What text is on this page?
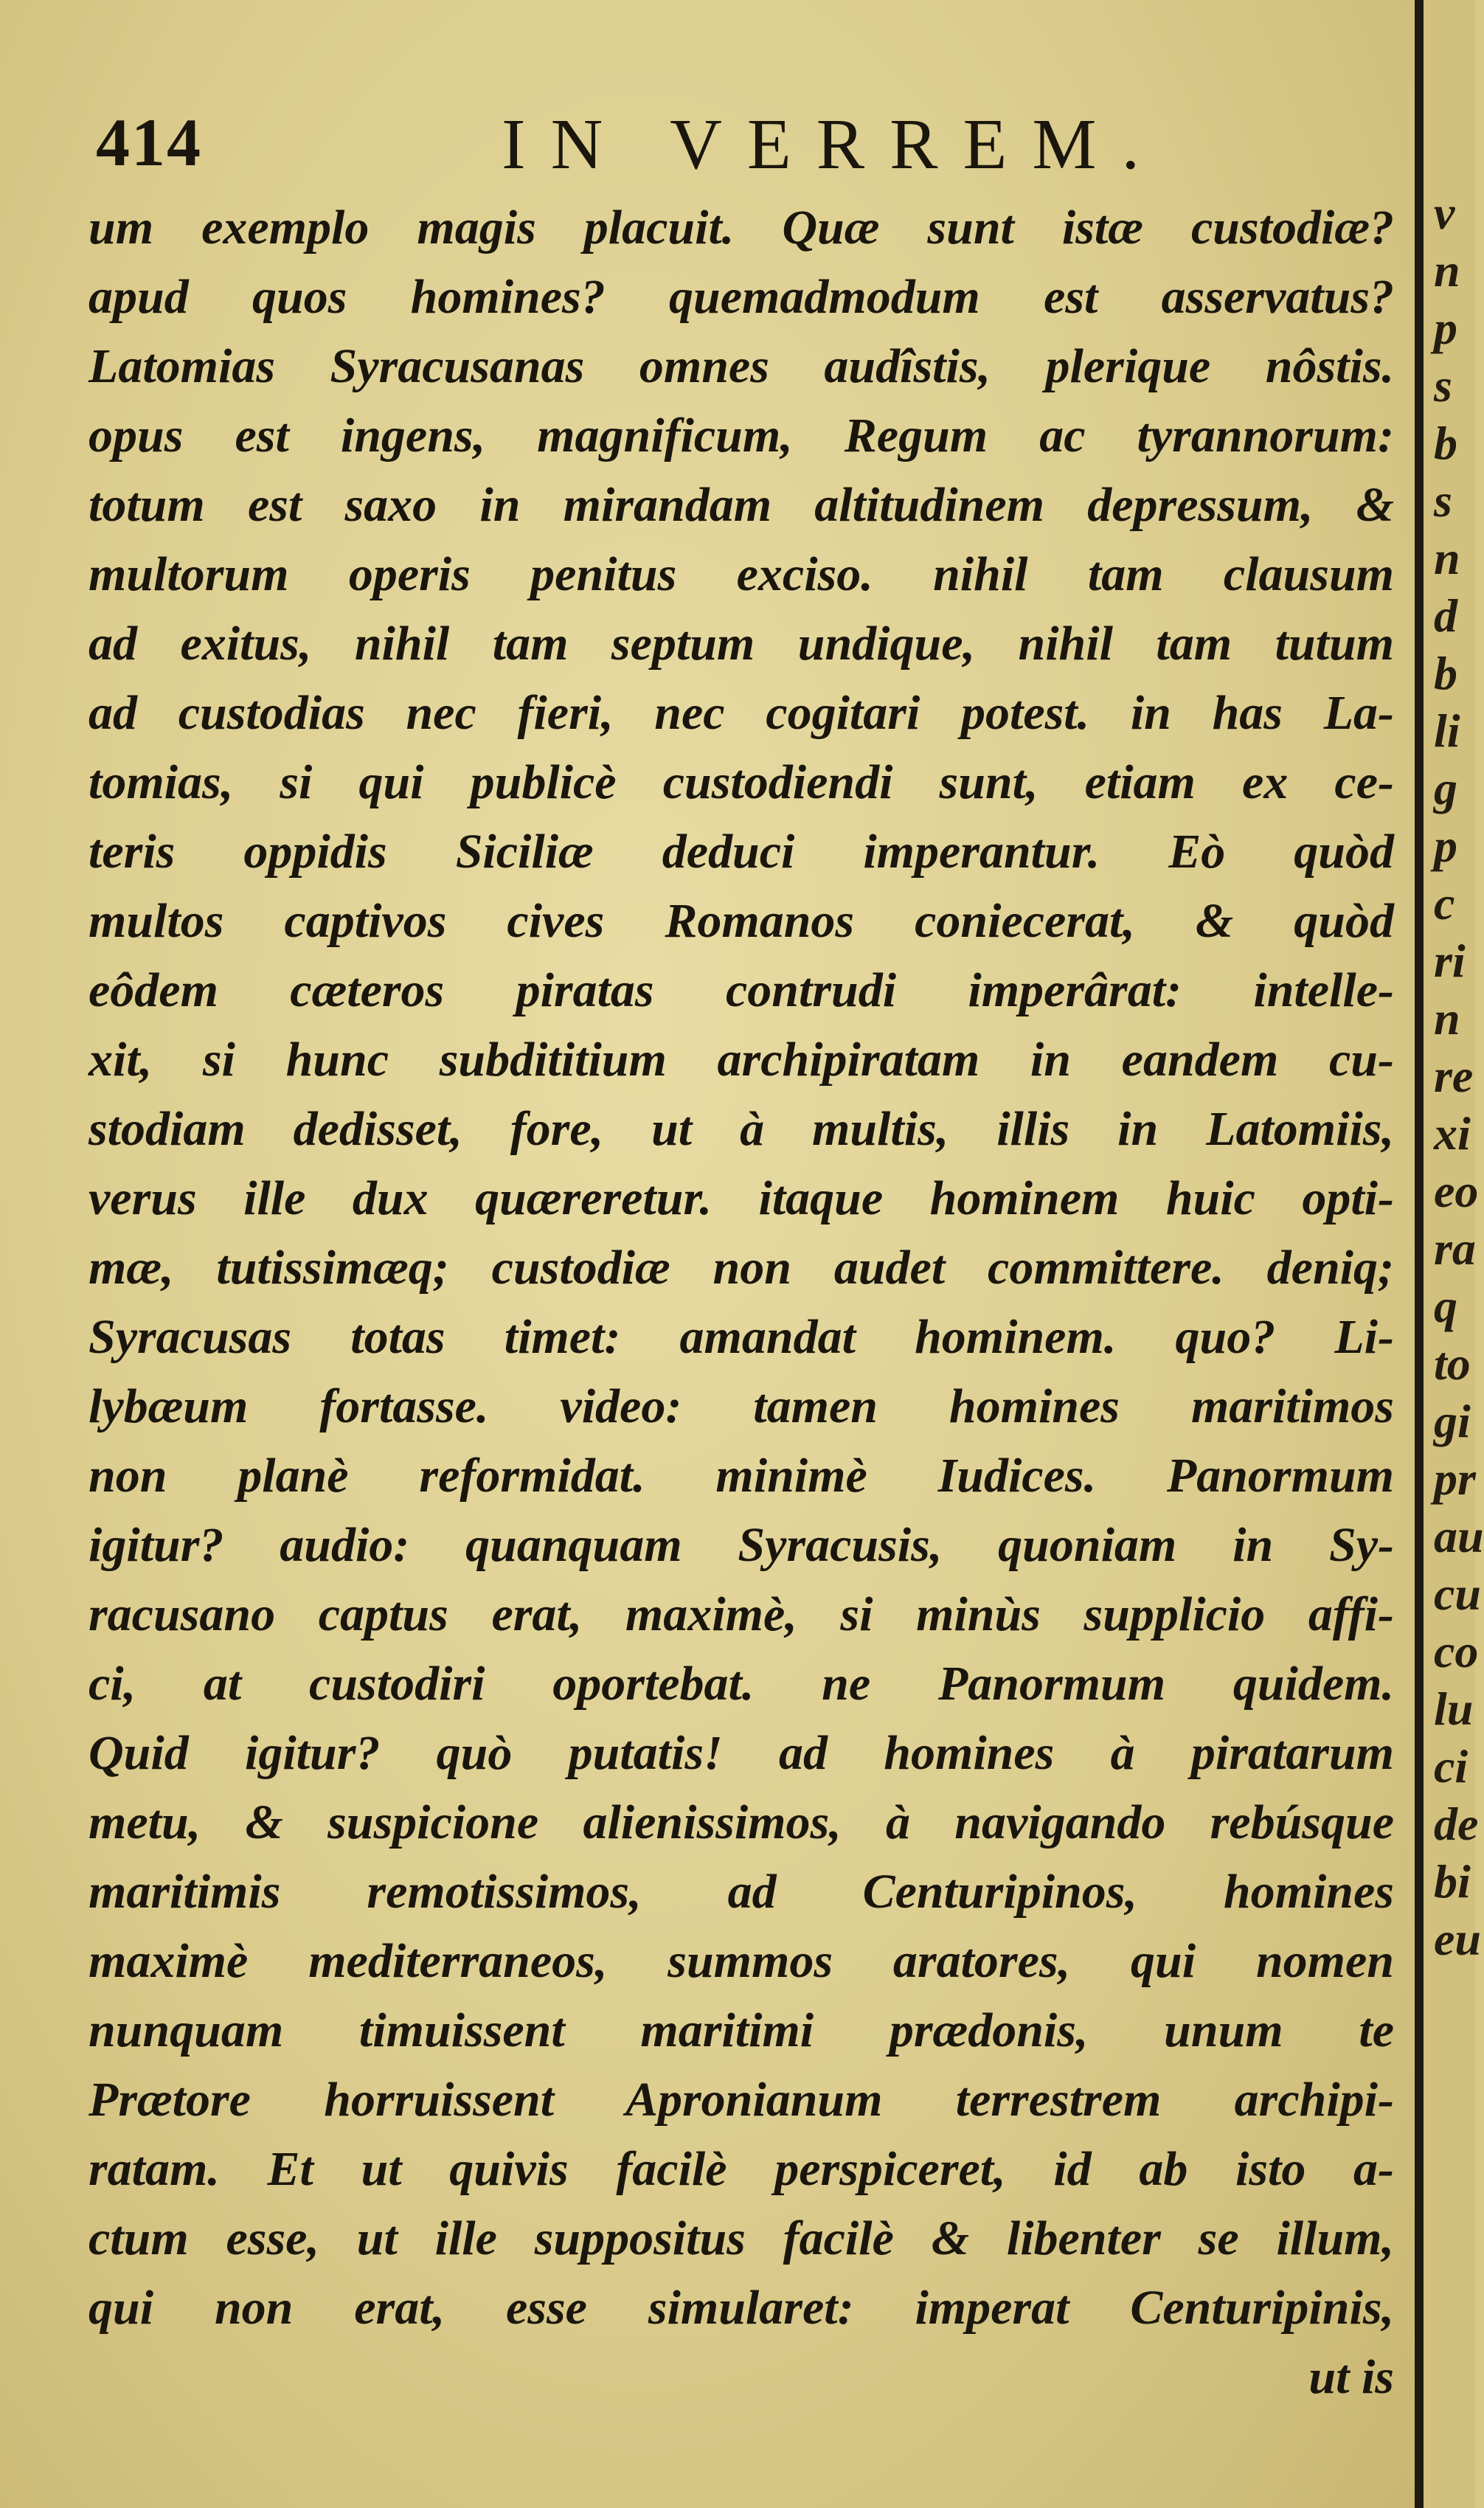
414	IN VERREM.
um exemplo magis placuit. Quæ sunt istæ custodiæ?
apud quos homines? quemadmodum est asservatus?
Latomias Syracusanas omnes audîstis, plerique nôstis.
opus est ingens, magnificum, Regum ac tyrannorum:
totum est saxo in mirandam altitudinem depressum, &
multorum operis penitus exciso. nihil tam clausum
ad exitus, nihil tam septum undique, nihil tam tutum
ad custodias nec fieri, nec cogitari potest. in has La-
tomias, si qui publicè custodiendi sunt, etiam ex ce-
teris oppidis Siciliæ deduci imperantur. Eò quòd
multos captivos cives Romanos coniecerat, & quòd
eôdem cæteros piratas contrudi imperârat: intelle-
xit, si hunc subdititium archipiratam in eandem cu-
stodiam dedisset, fore, ut à multis, illis in Latomiis,
verus ille dux quæreretur. itaque hominem huic opti-
mæ, tutissimæq; custodiæ non audet committere. deniq;
Syracusas totas timet: amandat hominem. quo? Li-
lybæum fortasse. video: tamen homines maritimos
non planè reformidat. minimè Iudices. Panormum
igitur? audio: quanquam Syracusis, quoniam in Sy-
racusano captus erat, maximè, si minùs supplicio affi-
ci, at custodiri oportebat. ne Panormum quidem.
Quid igitur? quò putatis! ad homines à piratarum
metu, & suspicione alienissimos, à navigando rebúsque
maritimis remotissimos, ad Centuripinos, homines
maximè mediterraneos, summos aratores, qui nomen
nunquam timuissent maritimi prædonis, unum te
Prætore horruissent Apronianum terrestrem archipi-
ratam. Et ut quivis facilè perspiceret, id ab isto a-
ctum esse, ut ille suppositus facilè & libenter se illum,
qui non erat, esse simularet: imperat Centuripinis,
ut is
v
n
p
s
b
s
n
d
b
li
g
p
c
ri
n
re
xi
eo
ra
q
to
gi
pr
au
cu
co
lu
ci
de
bi
eu
